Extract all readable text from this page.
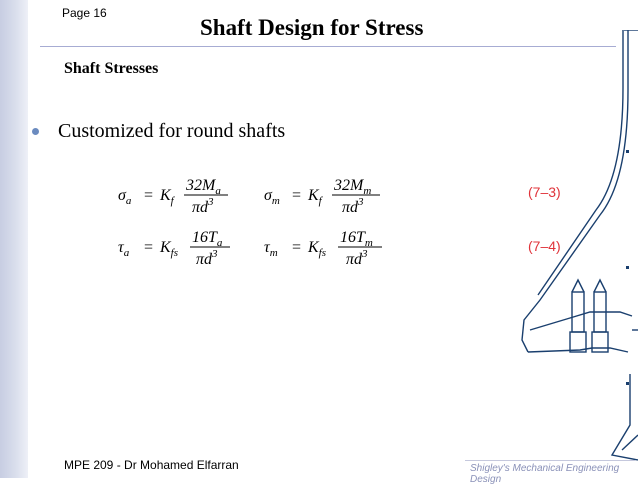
Page 16
Shaft Design for Stress
Shaft Stresses
Customized for round shafts
$\sigma_a = K_f$
$32M_a$
$\pi d^3$	$\sigma_m = K_f$
$32M_m$
$\pi d^3$
$\tau_a = K_{fs}$
$16T_a$
$\pi d^3$	$\tau_m = K_{fs}$
$16T_m$
$\pi d^3$
(7–3)
(7–4)
MPE 209 - Dr Mohamed Elfarran	Shigley's Mechanical Engineering Design
